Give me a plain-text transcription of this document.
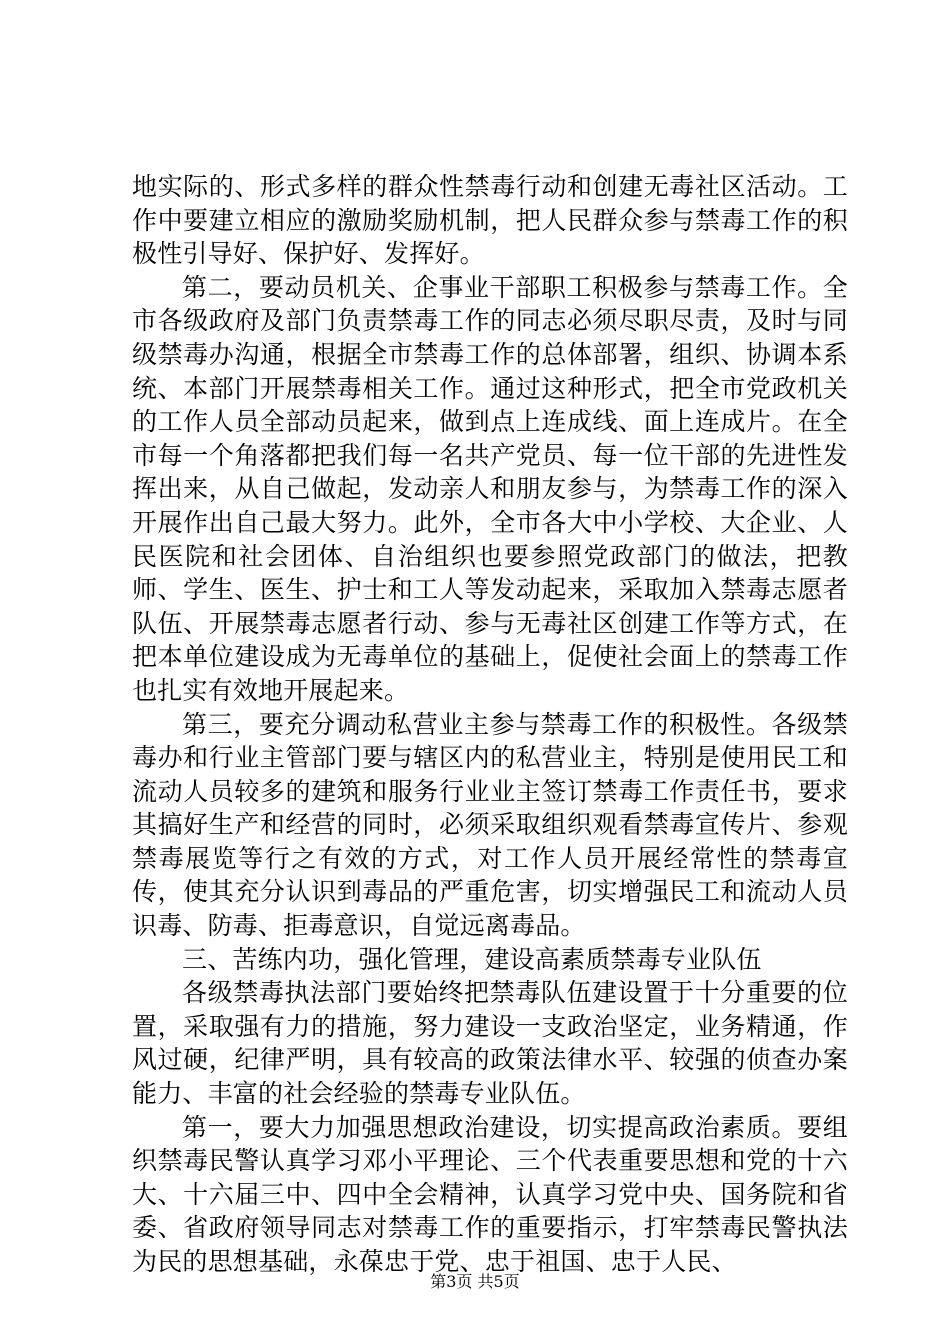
地实际的、形式多样的群众性禁毒行动和创建无毒社区活动。工作中要建立相应的激励奖励机制，把人民群众参与禁毒工作的积极性引导好、保护好、发挥好。

第二，要动员机关、企事业干部职工积极参与禁毒工作。全市各级政府及部门负责禁毒工作的同志必须尽职尽责，及时与同级禁毒办沟通，根据全市禁毒工作的总体部署，组织、协调本系统、本部门开展禁毒相关工作。通过这种形式，把全市党政机关的工作人员全部动员起来，做到点上连成线、面上连成片。在全市每一个角落都把我们每一名共产党员、每一位干部的先进性发挥出来，从自己做起，发动亲人和朋友参与，为禁毒工作的深入开展作出自己最大努力。此外，全市各大中小学校、大企业、人民医院和社会团体、自治组织也要参照党政部门的做法，把教师、学生、医生、护士和工人等发动起来，采取加入禁毒志愿者队伍、开展禁毒志愿者行动、参与无毒社区创建工作等方式，在把本单位建设成为无毒单位的基础上，促使社会面上的禁毒工作也扎实有效地开展起来。

第三，要充分调动私营业主参与禁毒工作的积极性。各级禁毒办和行业主管部门要与辖区内的私营业主，特别是使用民工和流动人员较多的建筑和服务行业业主签订禁毒工作责任书，要求其搞好生产和经营的同时，必须采取组织观看禁毒宣传片、参观禁毒展览等行之有效的方式，对工作人员开展经常性的禁毒宣传，使其充分认识到毒品的严重危害，切实增强民工和流动人员识毒、防毒、拒毒意识，自觉远离毒品。

三、苦练内功，强化管理，建设高素质禁毒专业队伍

各级禁毒执法部门要始终把禁毒队伍建设置于十分重要的位置，采取强有力的措施，努力建设一支政治坚定，业务精通，作风过硬，纪律严明，具有较高的政策法律水平、较强的侦查办案能力、丰富的社会经验的禁毒专业队伍。

第一，要大力加强思想政治建设，切实提高政治素质。要组织禁毒民警认真学习邓小平理论、三个代表重要思想和党的十六大、十六届三中、四中全会精神，认真学习党中央、国务院和省委、省政府领导同志对禁毒工作的重要指示，打牢禁毒民警执法为民的思想基础，永葆忠于党、忠于祖国、忠于人民、

第3页 共5页
